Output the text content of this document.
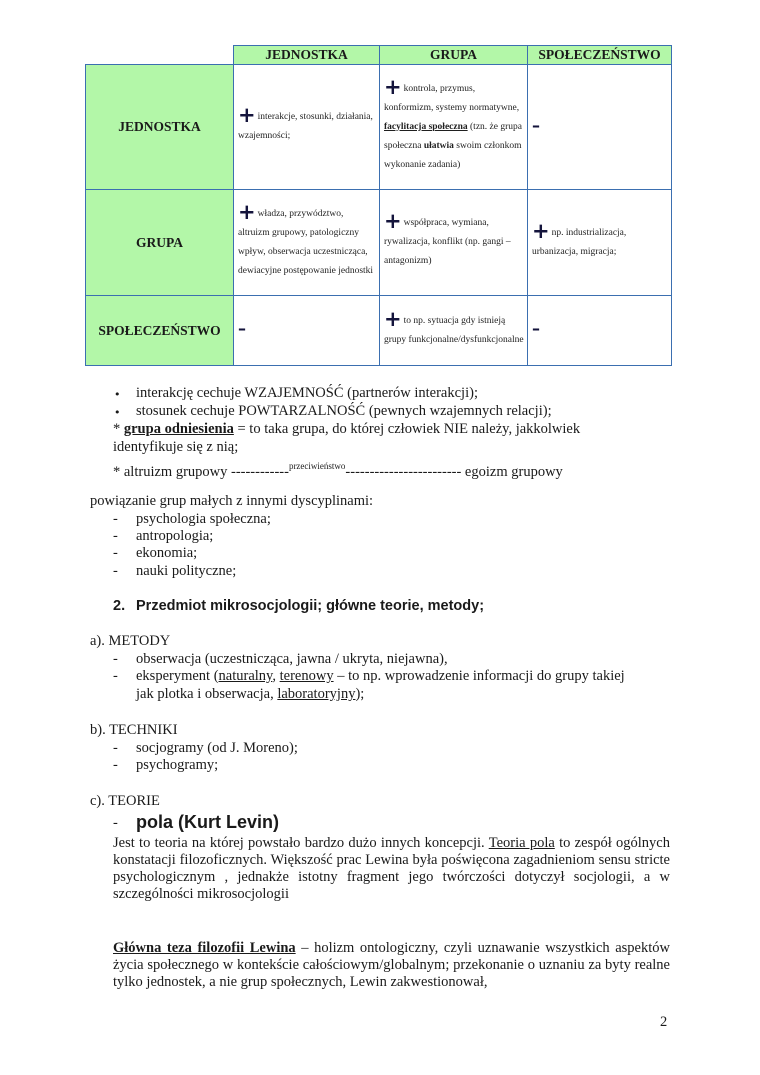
	JEDNOSTKA	GRUPA	SPOŁECZEŃSTWO
JEDNOSTKA	+ interakcje, stosunki, działania, wzajemności;	+ kontrola, przymus, konformizm, systemy normatywne, facylitacja społeczna (tzn. że grupa społeczna ułatwia swoim członkom wykonanie zadania)	–
GRUPA	+ władza, przywództwo, altruizm grupowy, patologiczny wpływ, obserwacja uczestnicząca, dewiacyjne postępowanie jednostki	+ współpraca, wymiana, rywalizacja, konflikt (np. gangi – antagonizm)	+ np. industrializacja, urbanizacja, migracja;
SPOŁECZEŃSTWO	–	+ to np. sytuacja gdy istnieją grupy funkcjonalne/dysfunkcjonalne	–
• interakcję cechuje WZAJEMNOŚĆ (partnerów interakcji);
• stosunek cechuje POWTARZALNOŚĆ (pewnych wzajemnych relacji);
* grupa odniesienia = to taka grupa, do której człowiek NIE należy, jakkolwiek
identyfikuje się z nią;
* altruizm grupowy ------------$^{przeciwieństwo}$------------------------ egoizm grupowy
powiązanie grup małych z innymi dyscyplinami:
- psychologia społeczna;
- antropologia;
- ekonomia;
- nauki polityczne;
2. Przedmiot mikrosocjologii; główne teorie, metody;
a). METODY
- obserwacja (uczestnicząca, jawna / ukryta, niejawna),
- eksperyment (naturalny, terenowy – to np. wprowadzenie informacji do grupy takiej
jak plotka i obserwacja, laboratoryjny);
b). TECHNIKI
- socjogramy (od J. Moreno);
- psychogramy;
c). TEORIE
- pola (Kurt Levin)
Jest to teoria na której powstało bardzo dużo innych koncepcji. Teoria pola to zespół ogólnych konstatacji filozoficznych. Większość prac Lewina była poświęcona zagadnieniom sensu stricte psychologicznym , jednakże istotny fragment jego twórczości dotyczył socjologii, a w szczególności mikrosocjologii
Główna teza filozofii Lewina – holizm ontologiczny, czyli uznawanie wszystkich aspektów życia społecznego w kontekście całościowym/globalnym; przekonanie o uznaniu za byty realne tylko jednostek, a nie grup społecznych, Lewin zakwestionował,
2
